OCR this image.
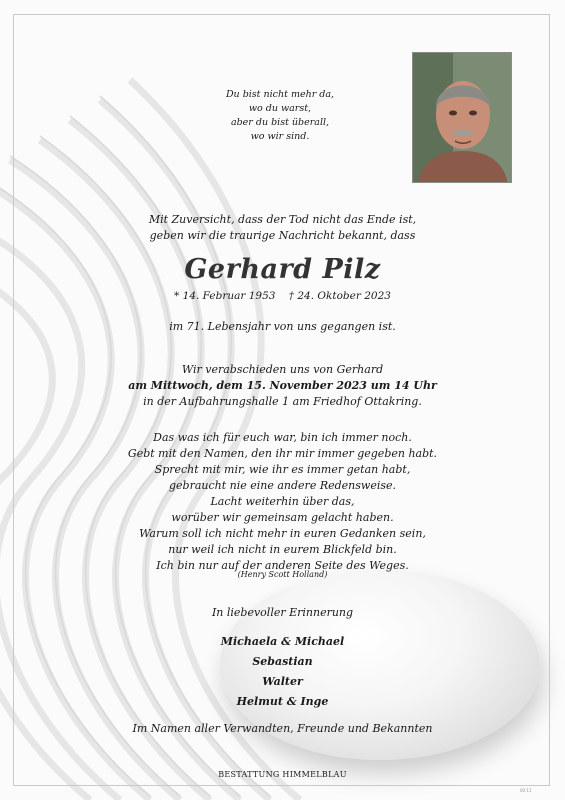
Du bist nicht mehr da,
wo du warst,
aber du bist überall,
wo wir sind.
Mit Zuversicht, dass der Tod nicht das Ende ist,
geben wir die traurige Nachricht bekannt, dass
Gerhard Pilz
* 14. Februar 1953 † 24. Oktober 2023
im 71. Lebensjahr von uns gegangen ist.
Wir verabschieden uns von Gerhard
am Mittwoch, dem 15. November 2023 um 14 Uhr
in der Aufbahrungshalle 1 am Friedhof Ottakring.
Das was ich für euch war, bin ich immer noch.
Gebt mit den Namen, den ihr mir immer gegeben habt.
Sprecht mit mir, wie ihr es immer getan habt,
gebraucht nie eine andere Redensweise.
Lacht weiterhin über das,
worüber wir gemeinsam gelacht haben.
Warum soll ich nicht mehr in euren Gedanken sein,
nur weil ich nicht in eurem Blickfeld bin.
Ich bin nur auf der anderen Seite des Weges.
(Henry Scott Holland)
In liebevoller Erinnerung
Michaela & Michael
Sebastian
Walter
Helmut & Inge
Im Namen aller Verwandten, Freunde und Bekannten
BESTATTUNG HIMMELBLAU
00:11
